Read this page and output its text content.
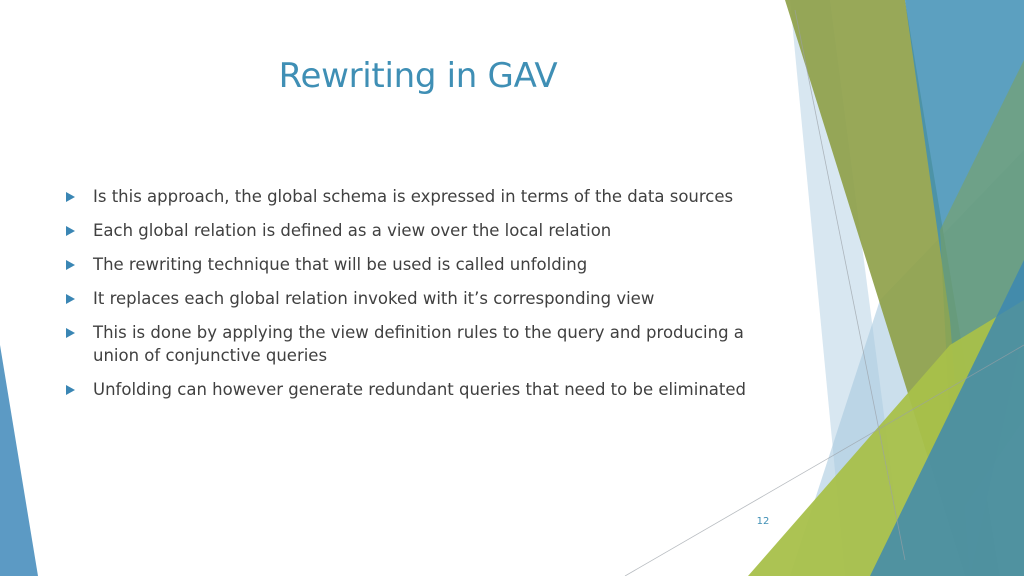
Rewriting in GAV
Is this approach, the global schema is expressed in terms of the data sources
Each global relation is defined as a view over the local relation
The rewriting technique that will be used is called unfolding
It replaces each global relation invoked with it’s corresponding view
This is done by applying the view definition rules to the query and producing a union of conjunctive queries
Unfolding can however generate redundant queries that need to be eliminated
12
